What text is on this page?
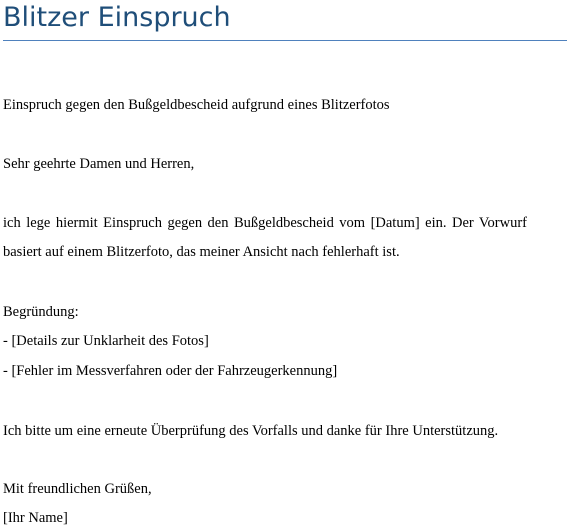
Blitzer Einspruch
Einspruch gegen den Bußgeldbescheid aufgrund eines Blitzerfotos
Sehr geehrte Damen und Herren,
ich lege hiermit Einspruch gegen den Bußgeldbescheid vom [Datum] ein. Der Vorwurf
basiert auf einem Blitzerfoto, das meiner Ansicht nach fehlerhaft ist.
Begründung:
- [Details zur Unklarheit des Fotos]
- [Fehler im Messverfahren oder der Fahrzeugerkennung]
Ich bitte um eine erneute Überprüfung des Vorfalls und danke für Ihre Unterstützung.
Mit freundlichen Grüßen,
[Ihr Name]
